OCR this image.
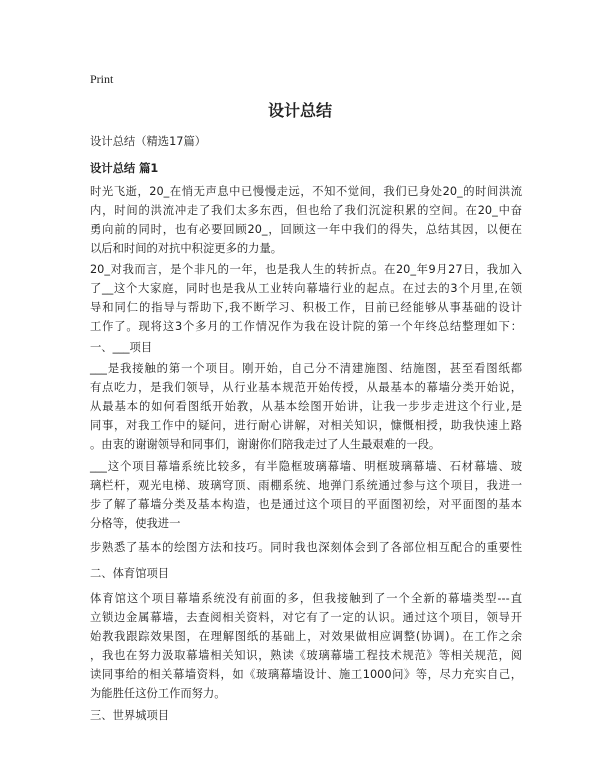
Print
设计总结
设计总结（精选17篇）
设计总结 篇1
时光飞逝，20_在悄无声息中已慢慢走远，不知不觉间，我们已身处20_的时间洪流
内，时间的洪流冲走了我们太多东西，但也给了我们沉淀积累的空间。在20_中奋
勇向前的同时，也有必要回顾20_，回顾这一年中我们的得失，总结其因，以便在
以后和时间的对抗中积淀更多的力量。
20_对我而言，是个非凡的一年，也是我人生的转折点。在20_年9月27日，我加入
了__这个大家庭，同时也是我从工业转向幕墙行业的起点。在过去的3个月里,在领
导和同仁的指导与帮助下,我不断学习、积极工作，目前已经能够从事基础的设计
工作了。现将这3个多月的工作情况作为我在设计院的第一个年终总结整理如下：
一、___项目
___是我接触的第一个项目。刚开始，自己分不清建施图、结施图，甚至看图纸都
有点吃力，是我们领导，从行业基本规范开始传授，从最基本的幕墙分类开始说，
从最基本的如何看图纸开始教，从基本绘图开始讲，让我一步步走进这个行业,是
同事，对我工作中的疑问，进行耐心讲解，对相关知识，慷慨相授，助我快速上路
。由衷的谢谢领导和同事们，谢谢你们陪我走过了人生最艰难的一段。
___这个项目幕墙系统比较多，有半隐框玻璃幕墙、明框玻璃幕墙、石材幕墙、玻
璃栏杆，观光电梯、玻璃穹顶、雨棚系统、地弹门系统通过参与这个项目，我进一
步了解了幕墙分类及基本构造，也是通过这个项目的平面图初绘，对平面图的基本
分格等，使我进一
步熟悉了基本的绘图方法和技巧。同时我也深刻体会到了各部位相互配合的重要性
二、体育馆项目
体育馆这个项目幕墙系统没有前面的多，但我接触到了一个全新的幕墙类型---直
立锁边金属幕墙，去查阅相关资料，对它有了一定的认识。通过这个项目，领导开
始教我跟踪效果图，在理解图纸的基础上，对效果做相应调整(协调)。在工作之余
，我也在努力汲取幕墙相关知识，熟读《玻璃幕墙工程技术规范》等相关规范，阅
读同事给的相关幕墙资料，如《玻璃幕墙设计、施工1000问》等，尽力充实自己，
为能胜任这份工作而努力。
三、世界城项目
